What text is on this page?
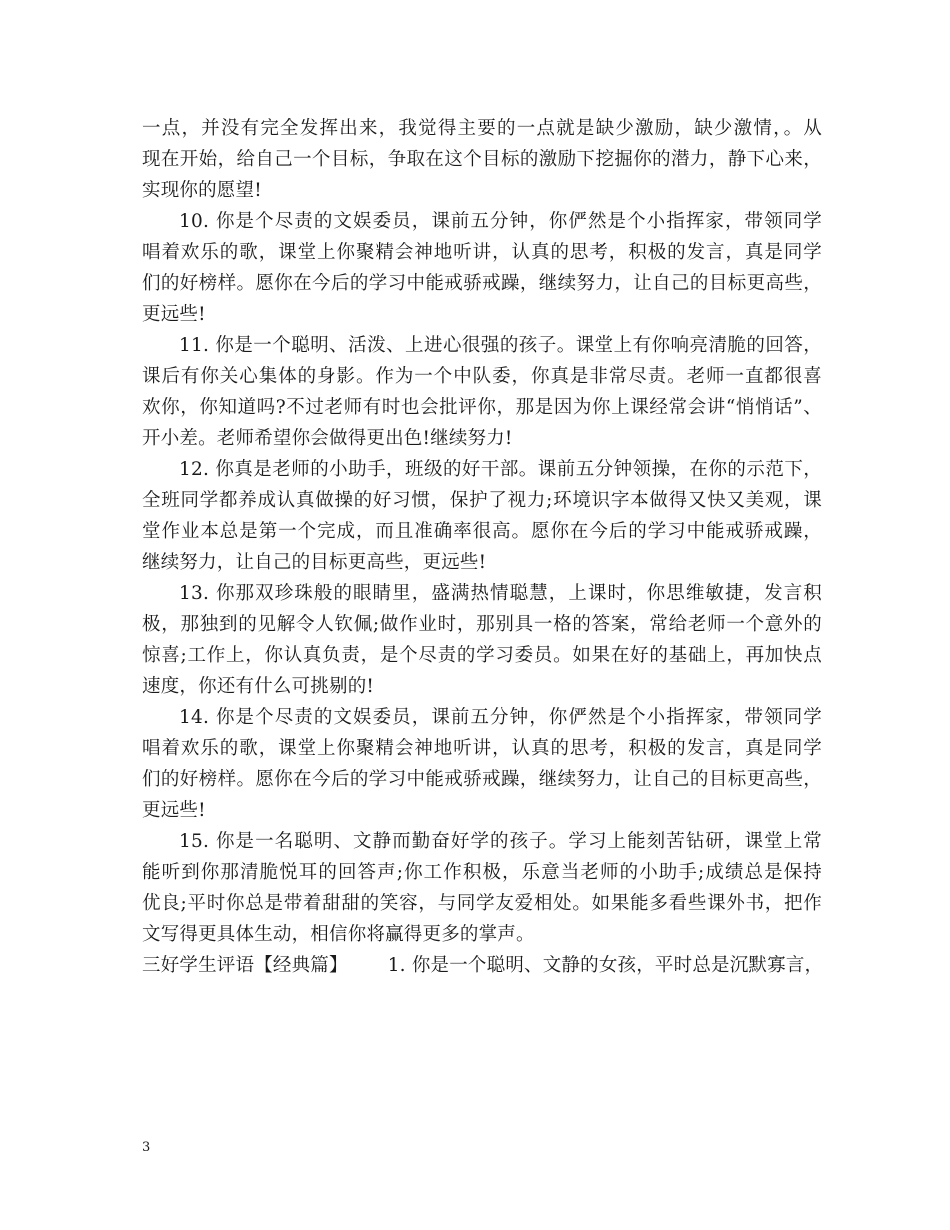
一点，并没有完全发挥出来，我觉得主要的一点就是缺少激励，缺少激情，。从
现在开始，给自己一个目标，争取在这个目标的激励下挖掘你的潜力，静下心来，
实现你的愿望!
10. 你是个尽责的文娱委员，课前五分钟，你俨然是个小指挥家，带领同学
唱着欢乐的歌，课堂上你聚精会神地听讲，认真的思考，积极的发言，真是同学
们的好榜样。愿你在今后的学习中能戒骄戒躁，继续努力，让自己的目标更高些，
更远些!
11. 你是一个聪明、活泼、上进心很强的孩子。课堂上有你响亮清脆的回答，
课后有你关心集体的身影。作为一个中队委，你真是非常尽责。老师一直都很喜
欢你，你知道吗?不过老师有时也会批评你，那是因为你上课经常会讲“悄悄话”、
开小差。老师希望你会做得更出色!继续努力!
12. 你真是老师的小助手，班级的好干部。课前五分钟领操，在你的示范下，
全班同学都养成认真做操的好习惯，保护了视力;环境识字本做得又快又美观，课
堂作业本总是第一个完成，而且准确率很高。愿你在今后的学习中能戒骄戒躁，
继续努力，让自己的目标更高些，更远些!
13. 你那双珍珠般的眼睛里，盛满热情聪慧，上课时，你思维敏捷，发言积
极，那独到的见解令人钦佩;做作业时，那别具一格的答案，常给老师一个意外的
惊喜;工作上，你认真负责，是个尽责的学习委员。如果在好的基础上，再加快点
速度，你还有什么可挑剔的!
14. 你是个尽责的文娱委员，课前五分钟，你俨然是个小指挥家，带领同学
唱着欢乐的歌，课堂上你聚精会神地听讲，认真的思考，积极的发言，真是同学
们的好榜样。愿你在今后的学习中能戒骄戒躁，继续努力，让自己的目标更高些，
更远些!
15. 你是一名聪明、文静而勤奋好学的孩子。学习上能刻苦钻研，课堂上常
能听到你那清脆悦耳的回答声;你工作积极，乐意当老师的小助手;成绩总是保持
优良;平时你总是带着甜甜的笑容，与同学友爱相处。如果能多看些课外书，把作
文写得更具体生动，相信你将赢得更多的掌声。
三好学生评语【经典篇】	1. 你是一个聪明、文静的女孩，平时总是沉默寡言，
3
